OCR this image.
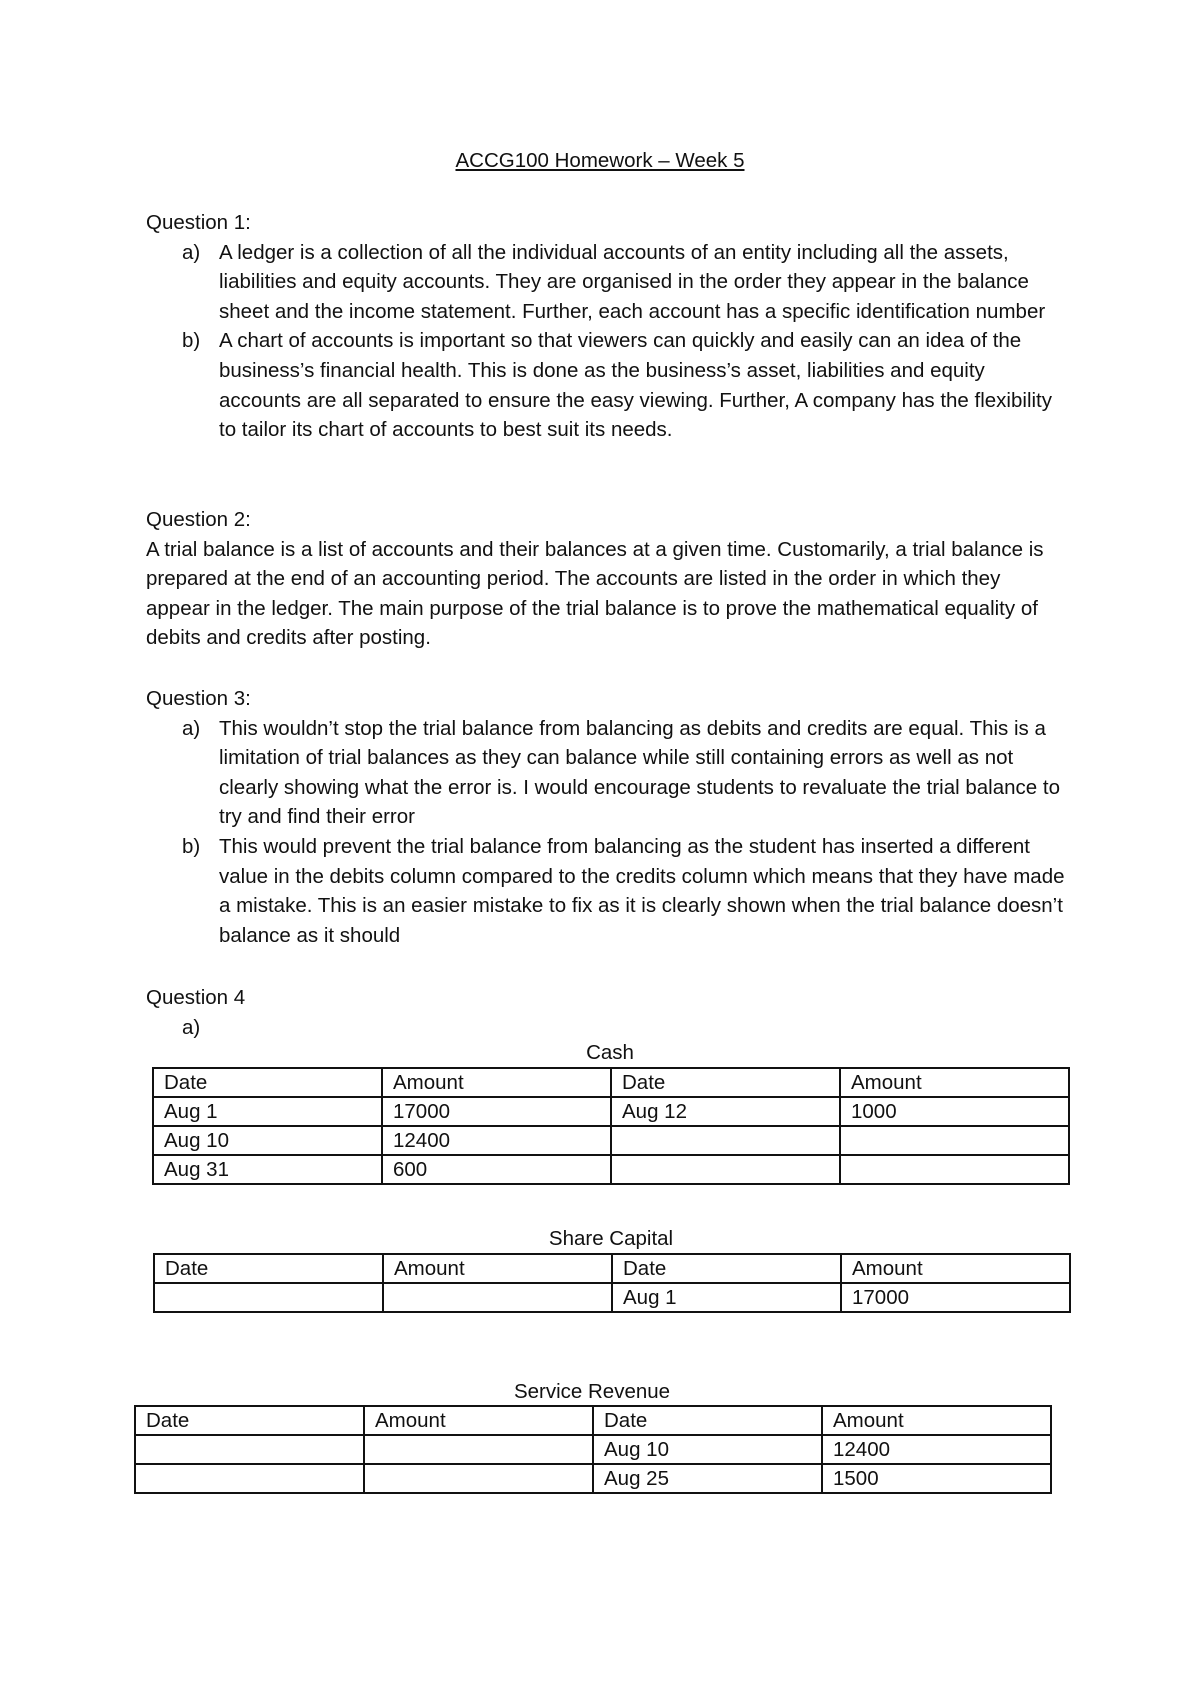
ACCG100 Homework – Week 5

Question 1:

a) A ledger is a collection of all the individual accounts of an entity including all the assets, liabilities and equity accounts. They are organised in the order they appear in the balance sheet and the income statement. Further, each account has a specific identification number
b) A chart of accounts is important so that viewers can quickly and easily can an idea of the business’s financial health. This is done as the business’s asset, liabilities and equity accounts are all separated to ensure the easy viewing. Further, A company has the flexibility to tailor its chart of accounts to best suit its needs.

Question 2:

A trial balance is a list of accounts and their balances at a given time. Customarily, a trial balance is prepared at the end of an accounting period. The accounts are listed in the order in which they appear in the ledger. The main purpose of the trial balance is to prove the mathematical equality of debits and credits after posting.

Question 3:

a) This wouldn’t stop the trial balance from balancing as debits and credits are equal. This is a limitation of trial balances as they can balance while still containing errors as well as not clearly showing what the error is. I would encourage students to revaluate the trial balance to try and find their error
b) This would prevent the trial balance from balancing as the student has inserted a different value in the debits column compared to the credits column which means that they have made a mistake. This is an easier mistake to fix as it is clearly shown when the trial balance doesn’t balance as it should

Question 4

a)

Cash
Date	Amount	Date	Amount
Aug 1	17000	Aug 12	1000
Aug 10	12400		
Aug 31	600		
Share Capital
Date	Amount	Date	Amount
		Aug 1	17000
Service Revenue
Date	Amount	Date	Amount
		Aug 10	12400
		Aug 25	1500
